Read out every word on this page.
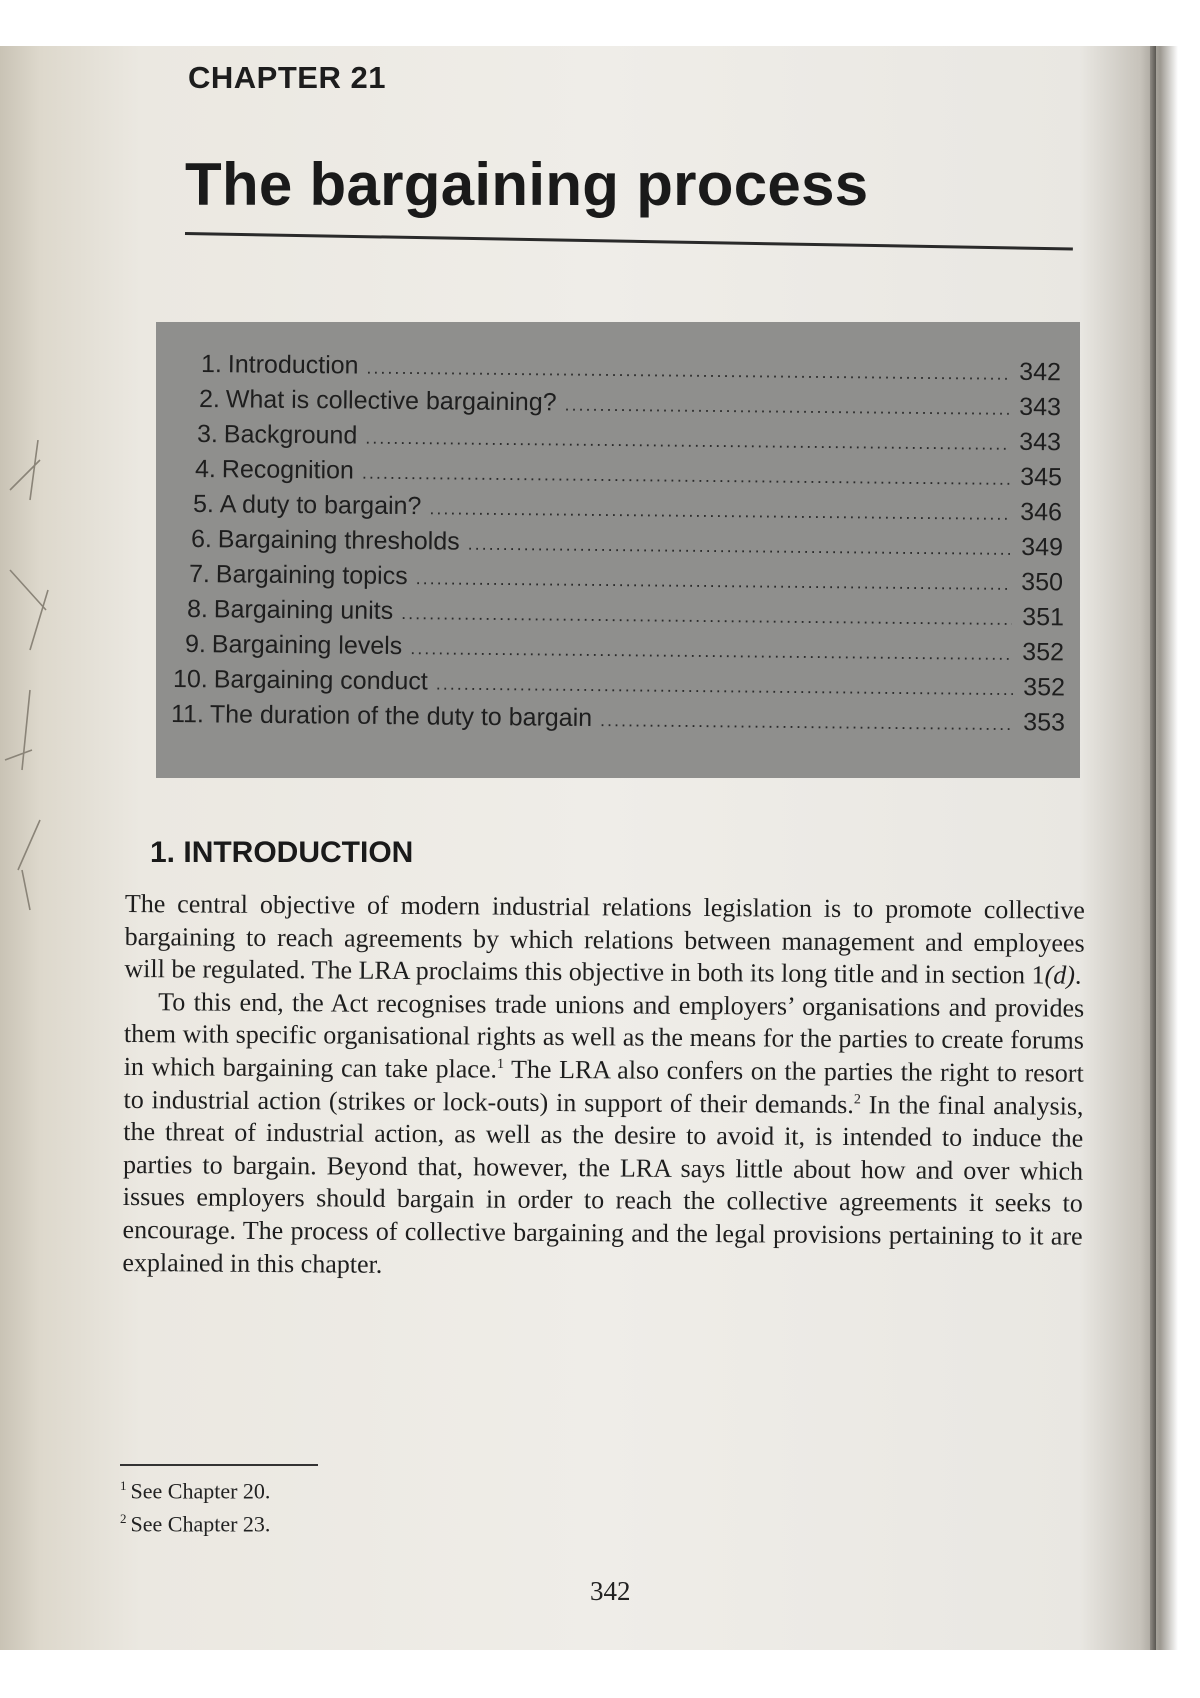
CHAPTER 21
The bargaining process
1. Introduction .....	342
2. What is collective bargaining? .....	343
3. Background .....	343
4. Recognition .....	345
5. A duty to bargain? .....	346
6. Bargaining thresholds .....	349
7. Bargaining topics .....	350
8. Bargaining units .....	351
9. Bargaining levels .....	352
10. Bargaining conduct .....	352
11. The duration of the duty to bargain .....	353
1. INTRODUCTION

The central objective of modern industrial relations legislation is to promote collective bargaining to reach agreements by which relations between management and employees will be regulated. The LRA proclaims this objective in both its long title and in section 1(d).

To this end, the Act recognises trade unions and employers’ organisations and provides them with specific organisational rights as well as the means for the parties to create forums in which bargaining can take place.$^1$ The LRA also confers on the parties the right to resort to industrial action (strikes or lock-outs) in support of their demands.$^2$ In the final analysis, the threat of industrial action, as well as the desire to avoid it, is intended to induce the parties to bargain. Beyond that, however, the LRA says little about how and over which issues employers should bargain in order to reach the collective agreements it seeks to encourage. The process of collective bargaining and the legal provisions pertaining to it are explained in this chapter.

$^1$ See Chapter 20.
$^2$ See Chapter 23.
342
